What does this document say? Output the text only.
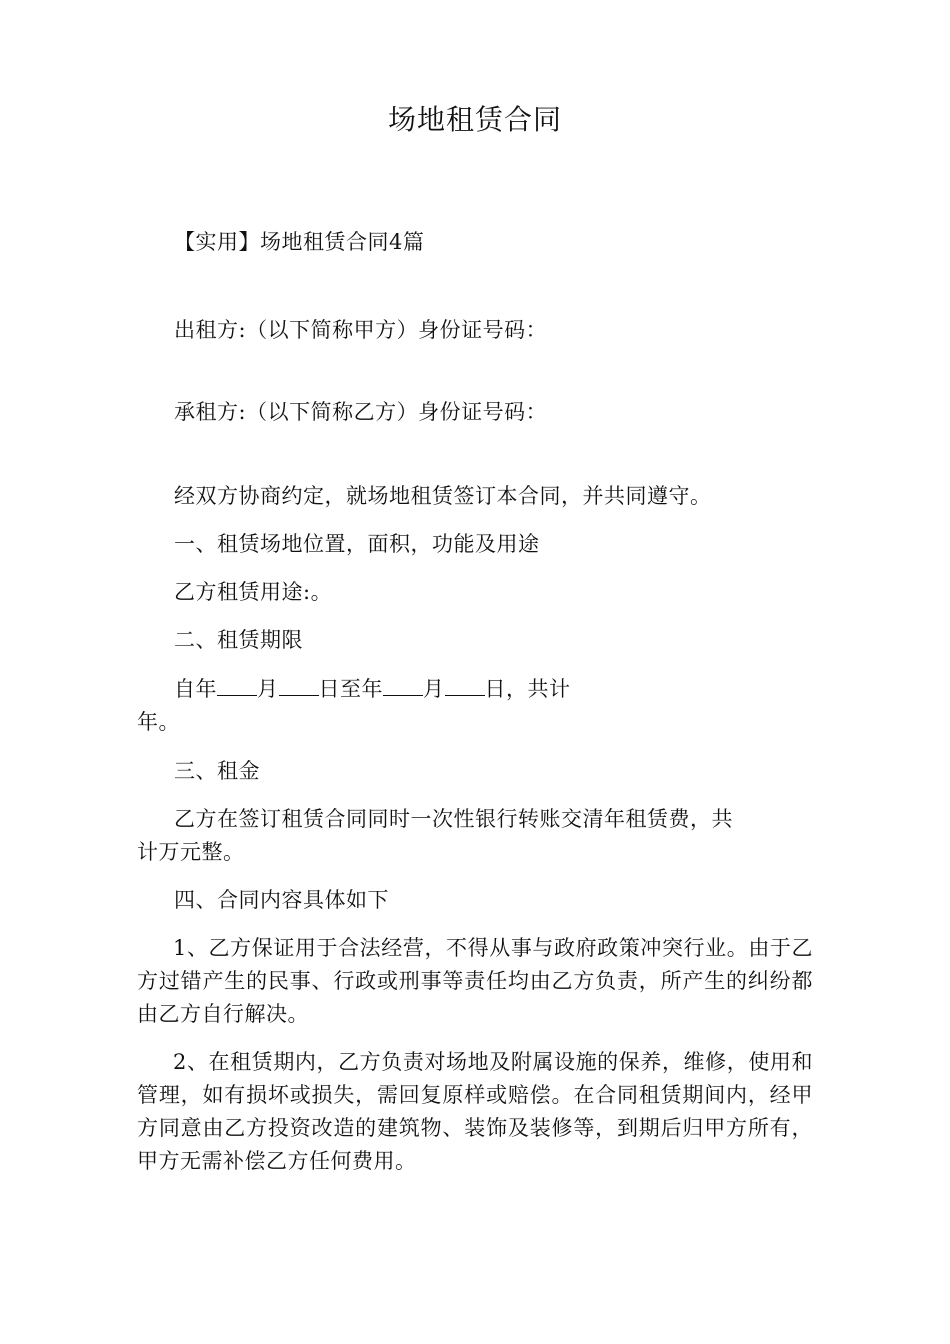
场地租赁合同
【实用】场地租赁合同4篇
出租方:（以下简称甲方）身份证号码：
承租方:（以下简称乙方）身份证号码：
经双方协商约定，就场地租赁签订本合同，并共同遵守。
一、租赁场地位置，面积，功能及用途
乙方租赁用途:。
二、租赁期限
自年 月 日至年 月 日，共计
年。
三、租金
乙方在签订租赁合同同时一次性银行转账交清年租赁费，共
计万元整。
四、合同内容具体如下
1、乙方保证用于合法经营，不得从事与政府政策冲突行业。由于乙方过错产生的民事、行政或刑事等责任均由乙方负责，所产生的纠纷都由乙方自行解决。
2、在租赁期内，乙方负责对场地及附属设施的保养，维修，使用和管理，如有损坏或损失，需回复原样或赔偿。在合同租赁期间内，经甲方同意由乙方投资改造的建筑物、装饰及装修等，到期后归甲方所有，甲方无需补偿乙方任何费用。
